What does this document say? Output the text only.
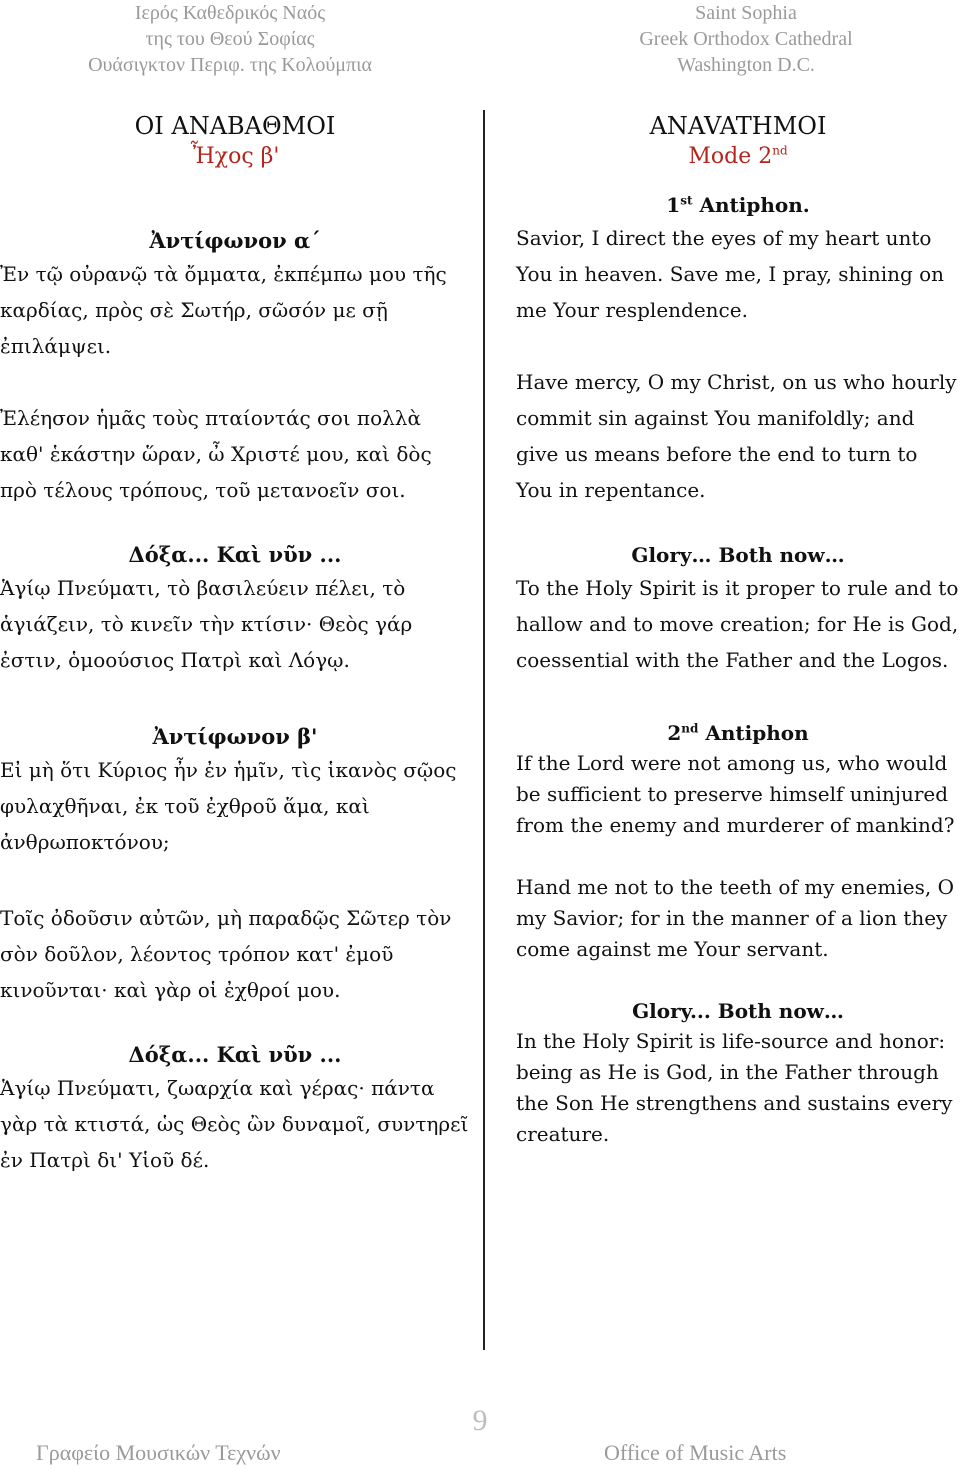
Ιερός Καθεδρικός Ναός
της του Θεού Σοφίας
Ουάσιγκτον Περιφ. της Κολούμπια
Saint Sophia
Greek Orthodox Cathedral
Washington D.C.
ΟΙ ΑΝΑΒΑΘΜΟΙ
Ἦχος β'
Ἀντίφωνον α΄
Ἐν τῷ οὐρανῷ τὰ ὄμματα, ἐκπέμπω μου τῆς καρδίας, πρὸς σὲ Σωτήρ, σῶσόν με σῇ ἐπιλάμψει.
Ἐλέησον ἡμᾶς τοὺς πταίοντάς σοι πολλὰ καθ' ἑκάστην ὥραν, ὦ Χριστέ μου, καὶ δὸς πρὸ τέλους τρόπους, τοῦ μετανοεῖν σοι.
Δόξα... Καὶ νῦν ...
Ἁγίῳ Πνεύματι, τὸ βασιλεύειν πέλει, τὸ ἁγιάζειν, τὸ κινεῖν τὴν κτίσιν· Θεὸς γάρ ἐστιν, ὁμοούσιος Πατρὶ καὶ Λόγῳ.
Ἀντίφωνον β'
Εἰ μὴ ὅτι Κύριος ἦν ἐν ἡμῖν, τὶς ἱκανὸς σῷος φυλαχθῆναι, ἐκ τοῦ ἐχθροῦ ἅμα, καὶ ἀνθρωποκτόνου;
Τοῖς ὀδοῦσιν αὐτῶν, μὴ παραδῷς Σῶτερ τὸν σὸν δοῦλον, λέοντος τρόπον κατ' ἐμοῦ κινοῦνται· καὶ γὰρ οἱ ἐχθροί μου.
Δόξα... Καὶ νῦν ...
Ἁγίῳ Πνεύματι, ζωαρχία καὶ γέρας· πάντα γὰρ τὰ κτιστά, ὡς Θεὸς ὢν δυναμοῖ, συντηρεῖ ἐν Πατρὶ δι' Υἱοῦ δέ.
ANAVATHMOI
Mode 2nd
1st Antiphon.
Savior, I direct the eyes of my heart unto You in heaven. Save me, I pray, shining on me Your resplendence.
Have mercy, O my Christ, on us who hourly commit sin against You manifoldly; and give us means before the end to turn to You in repentance.
Glory… Both now…
To the Holy Spirit is it proper to rule and to hallow and to move creation; for He is God, coessential with the Father and the Logos.
2nd Antiphon
If the Lord were not among us, who would be sufficient to preserve himself uninjured from the enemy and murderer of mankind?
Hand me not to the teeth of my enemies, O my Savior; for in the manner of a lion they come against me Your servant.
Glory... Both now…
In the Holy Spirit is life-source and honor: being as He is God, in the Father through the Son He strengthens and sustains every creature.
9
Γραφείο Μουσικών Τεχνών	Office of Music Arts
